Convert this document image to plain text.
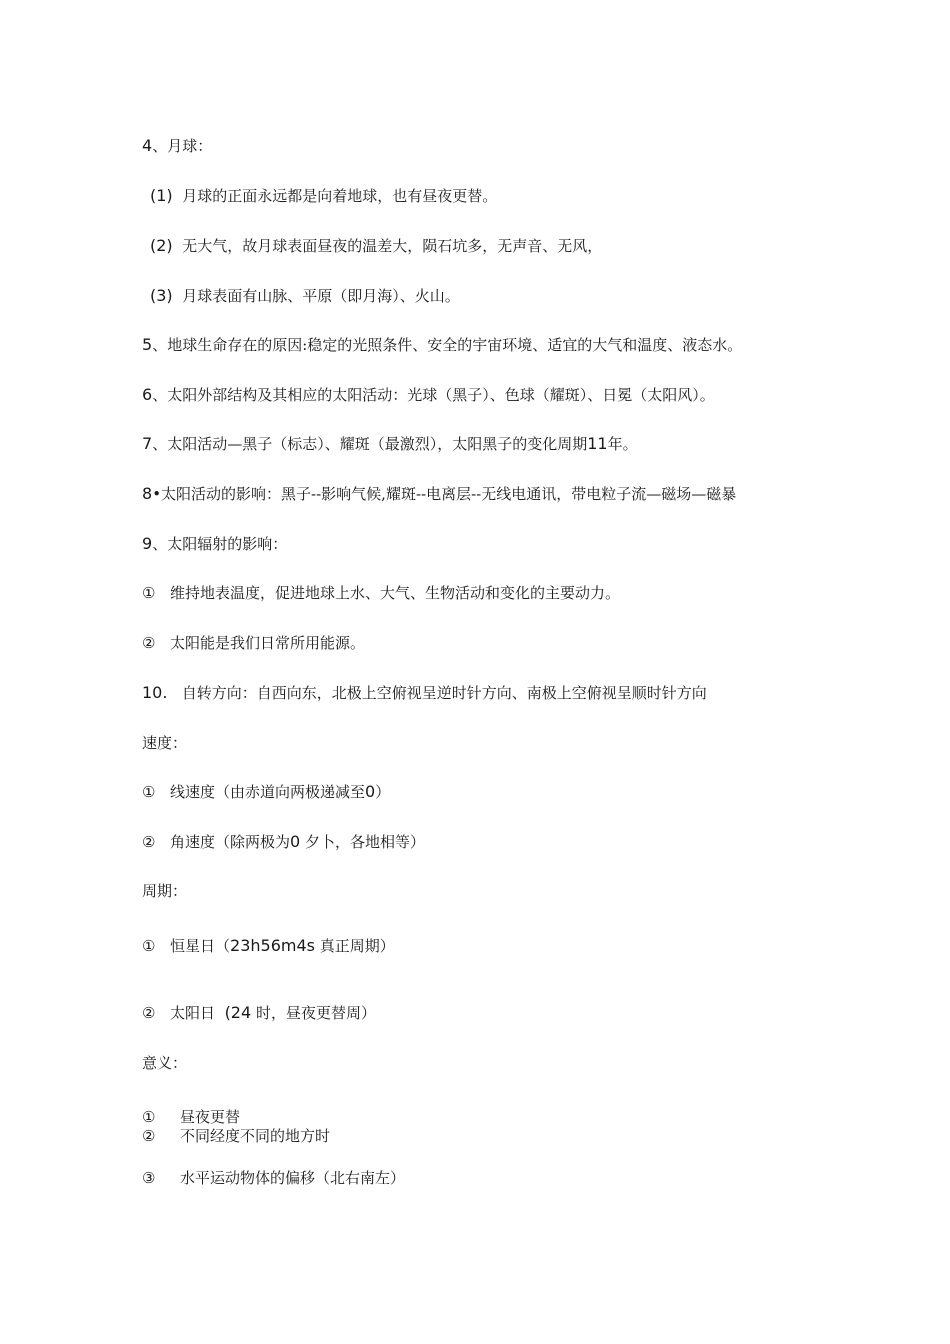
4、月球：
(1) 月球的正面永远都是向着地球，也有昼夜更替。
(2) 无大气，故月球表面昼夜的温差大，陨石坑多，无声音、无风，
(3) 月球表面有山脉、平原（即月海）、火山。
5、地球生命存在的原因:稳定的光照条件、安全的宇宙环境、适宜的大气和温度、液态水。
6、太阳外部结构及其相应的太阳活动：光球（黑子）、色球（耀斑）、日冕（太阳风）。
7、太阳活动—黑子（标志）、耀斑（最激烈），太阳黑子的变化周期11年。
8•太阳活动的影响：黑子--影响气候,耀斑--电离层--无线电通讯，带电粒子流—磁场—磁暴
9、太阳辐射的影响：
① 维持地表温度，促进地球上水、大气、生物活动和变化的主要动力。
② 太阳能是我们日常所用能源。
10. 自转方向：自西向东，北极上空俯视呈逆时针方向、南极上空俯视呈顺时针方向
速度：
① 线速度（由赤道向两极递减至0）
② 角速度（除两极为0 夕卜，各地相等）
周期：
① 恒星日（23h56m4s 真正周期）
② 太阳日 (24 时，昼夜更替周）
意义：
① 昼夜更替
② 不同经度不同的地方时
③ 水平运动物体的偏移（北右南左）
